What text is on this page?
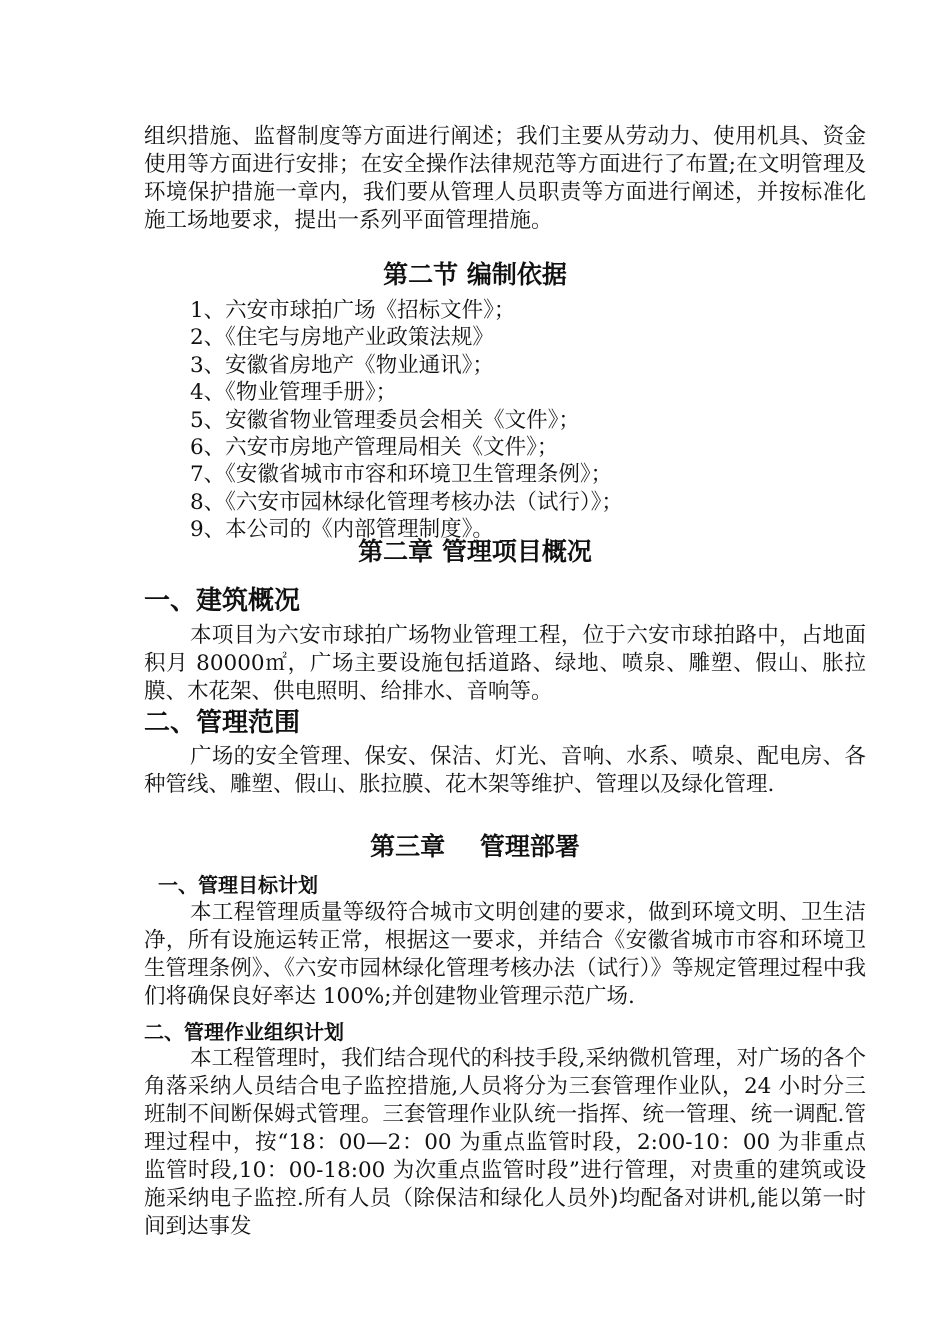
组织措施、监督制度等方面进行阐述；我们主要从劳动力、使用机具、资金使用等方面进行安排；在安全操作法律规范等方面进行了布置;在文明管理及环境保护措施一章内，我们要从管理人员职责等方面进行阐述，并按标准化施工场地要求，提出一系列平面管理措施。

第二节 编制依据
1、六安市球拍广场《招标文件》；
2、《住宅与房地产业政策法规》
3、安徽省房地产《物业通讯》；
4、《物业管理手册》；
5、安徽省物业管理委员会相关《文件》；
6、六安市房地产管理局相关《文件》；
7、《安徽省城市市容和环境卫生管理条例》；
8、《六安市园林绿化管理考核办法（试行）》；
9、本公司的《内部管理制度》。
第二章 管理项目概况
一、建筑概况

本项目为六安市球拍广场物业管理工程，位于六安市球拍路中，占地面积月 80000㎡，广场主要设施包括道路、绿地、喷泉、雕塑、假山、胀拉膜、木花架、供电照明、给排水、音响等。

二、管理范围

广场的安全管理、保安、保洁、灯光、音响、水系、喷泉、配电房、各种管线、雕塑、假山、胀拉膜、花木架等维护、管理以及绿化管理.

第三章    管理部署
一、管理目标计划

本工程管理质量等级符合城市文明创建的要求，做到环境文明、卫生洁净，所有设施运转正常，根据这一要求，并结合《安徽省城市市容和环境卫生管理条例》、《六安市园林绿化管理考核办法（试行）》等规定管理过程中我们将确保良好率达 100%;并创建物业管理示范广场.

二、管理作业组织计划

本工程管理时，我们结合现代的科技手段,采纳微机管理，对广场的各个角落采纳人员结合电子监控措施,人员将分为三套管理作业队，24 小时分三班制不间断保姆式管理。三套管理作业队统一指挥、统一管理、统一调配.管理过程中，按“18：00—2：00 为重点监管时段，2:00-10：00 为非重点监管时段,10：00-18:00 为次重点监管时段”进行管理，对贵重的建筑或设施采纳电子监控.所有人员（除保洁和绿化人员外)均配备对讲机,能以第一时间到达事发
